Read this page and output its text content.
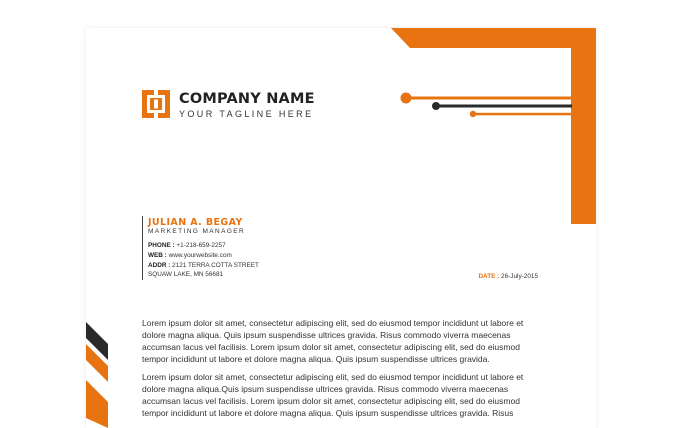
COMPANY NAME
YOUR TAGLINE HERE
JULIAN A. BEGAY
MARKETING MANAGER
PHONE : +1-218-659-2257
WEB : www.yourwebsite.com
ADDR : 2121 TERRA COTTA STREET
SQUAW LAKE, MN 56681	DATE : 26-July-2015
Lorem ipsum dolor sit amet, consectetur adipiscing elit, sed do eiusmod tempor incididunt ut labore et dolore magna aliqua. Quis ipsum suspendisse ultrices gravida. Risus commodo viverra maecenas accumsan lacus vel facilisis. Lorem ipsum dolor sit amet, consectetur adipiscing elit, sed do eiusmod tempor incididunt ut labore et dolore magna aliqua. Quis ipsum suspendisse ultrices gravida.
Lorem ipsum dolor sit amet, consectetur adipiscing elit, sed do eiusmod tempor incididunt ut labore et dolore magna aliqua.Quis ipsum suspendisse ultrices gravida. Risus commodo viverra maecenas accumsan lacus vel facilisis. Lorem ipsum dolor sit amet, consectetur adipiscing elit, sed do eiusmod tempor incididunt ut labore et dolore magna aliqua. Quis ipsum suspendisse ultrices gravida. Risus
